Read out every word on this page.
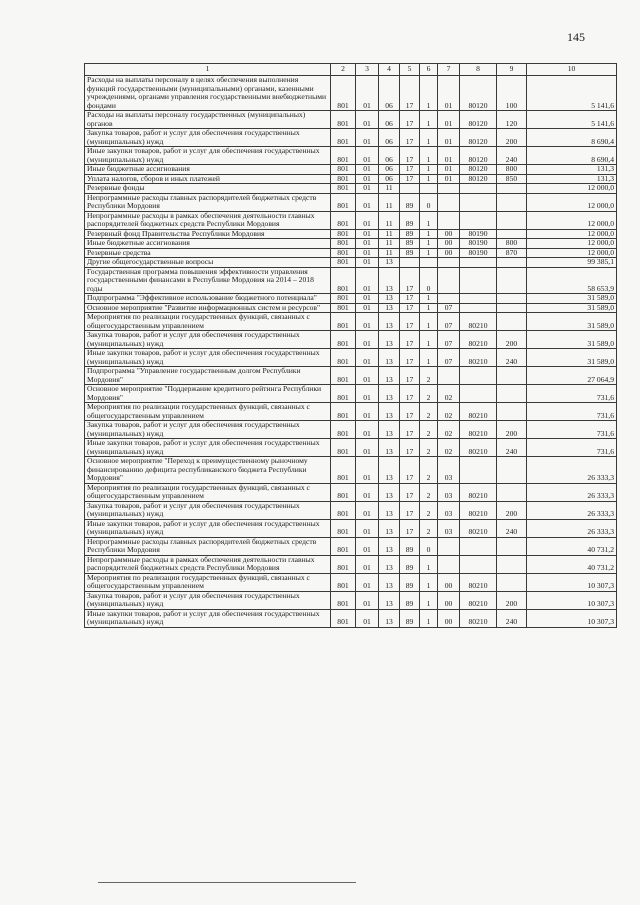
145
1	2	3	4	5	6	7	8	9	10
Расходы на выплаты персоналу в целях обеспечения выполнения функций государственными (муниципальными) органами, казенными учреждениями, органами управления государственными внебюджетными фондами	801	01	06	17	1	01	80120	100	5 141,6
Расходы на выплаты персоналу государственных (муниципальных) органов	801	01	06	17	1	01	80120	120	5 141,6
Закупка товаров, работ и услуг для обеспечения государственных (муниципальных) нужд	801	01	06	17	1	01	80120	200	8 690,4
Иные закупки товаров, работ и услуг для обеспечения государственных (муниципальных) нужд	801	01	06	17	1	01	80120	240	8 690,4
Иные бюджетные ассигнования	801	01	06	17	1	01	80120	800	131,3
Уплата налогов, сборов и иных платежей	801	01	06	17	1	01	80120	850	131,3
Резервные фонды	801	01	11						12 000,0
Непрограммные расходы главных распорядителей бюджетных средств Республики Мордовия	801	01	11	89	0				12 000,0
Непрограммные расходы в рамках обеспечения деятельности главных распорядителей бюджетных средств Республики Мордовия	801	01	11	89	1				12 000,0
Резервный фонд Правительства Республики Мордовия	801	01	11	89	1	00	80190		12 000,0
Иные бюджетные ассигнования	801	01	11	89	1	00	80190	800	12 000,0
Резервные средства	801	01	11	89	1	00	80190	870	12 000,0
Другие общегосударственные вопросы	801	01	13						99 385,1
Государственная программа повышения эффективности управления государственными финансами в Республике Мордовия на 2014 – 2018 годы	801	01	13	17	0				58 653,9
Подпрограмма "Эффективное использование бюджетного потенциала"	801	01	13	17	1				31 589,0
Основное мероприятие "Развитие информационных систем и ресурсов"	801	01	13	17	1	07			31 589,0
Мероприятия по реализации государственных функций, связанных с общегосударственным управлением	801	01	13	17	1	07	80210		31 589,0
Закупка товаров, работ и услуг для обеспечения государственных (муниципальных) нужд	801	01	13	17	1	07	80210	200	31 589,0
Иные закупки товаров, работ и услуг для обеспечения государственных (муниципальных) нужд	801	01	13	17	1	07	80210	240	31 589,0
Подпрограмма "Управление государственным долгом Республики Мордовия"	801	01	13	17	2				27 064,9
Основное мероприятие "Поддержание кредитного рейтинга Республики Мордовия"	801	01	13	17	2	02			731,6
Мероприятия по реализации государственных функций, связанных с общегосударственным управлением	801	01	13	17	2	02	80210		731,6
Закупка товаров, работ и услуг для обеспечения государственных (муниципальных) нужд	801	01	13	17	2	02	80210	200	731,6
Иные закупки товаров, работ и услуг для обеспечения государственных (муниципальных) нужд	801	01	13	17	2	02	80210	240	731,6
Основное мероприятие "Переход к преимущественному рыночному финансированию дефицита республиканского бюджета Республики Мордовия"	801	01	13	17	2	03			26 333,3
Мероприятия по реализации государственных функций, связанных с общегосударственным управлением	801	01	13	17	2	03	80210		26 333,3
Закупка товаров, работ и услуг для обеспечения государственных (муниципальных) нужд	801	01	13	17	2	03	80210	200	26 333,3
Иные закупки товаров, работ и услуг для обеспечения государственных (муниципальных) нужд	801	01	13	17	2	03	80210	240	26 333,3
Непрограммные расходы главных распорядителей бюджетных средств Республики Мордовия	801	01	13	89	0				40 731,2
Непрограммные расходы в рамках обеспечения деятельности главных распорядителей бюджетных средств Республики Мордовия	801	01	13	89	1				40 731,2
Мероприятия по реализации государственных функций, связанных с общегосударственным управлением	801	01	13	89	1	00	80210		10 307,3
Закупка товаров, работ и услуг для обеспечения государственных (муниципальных) нужд	801	01	13	89	1	00	80210	200	10 307,3
Иные закупки товаров, работ и услуг для обеспечения государственных (муниципальных) нужд	801	01	13	89	1	00	80210	240	10 307,3
